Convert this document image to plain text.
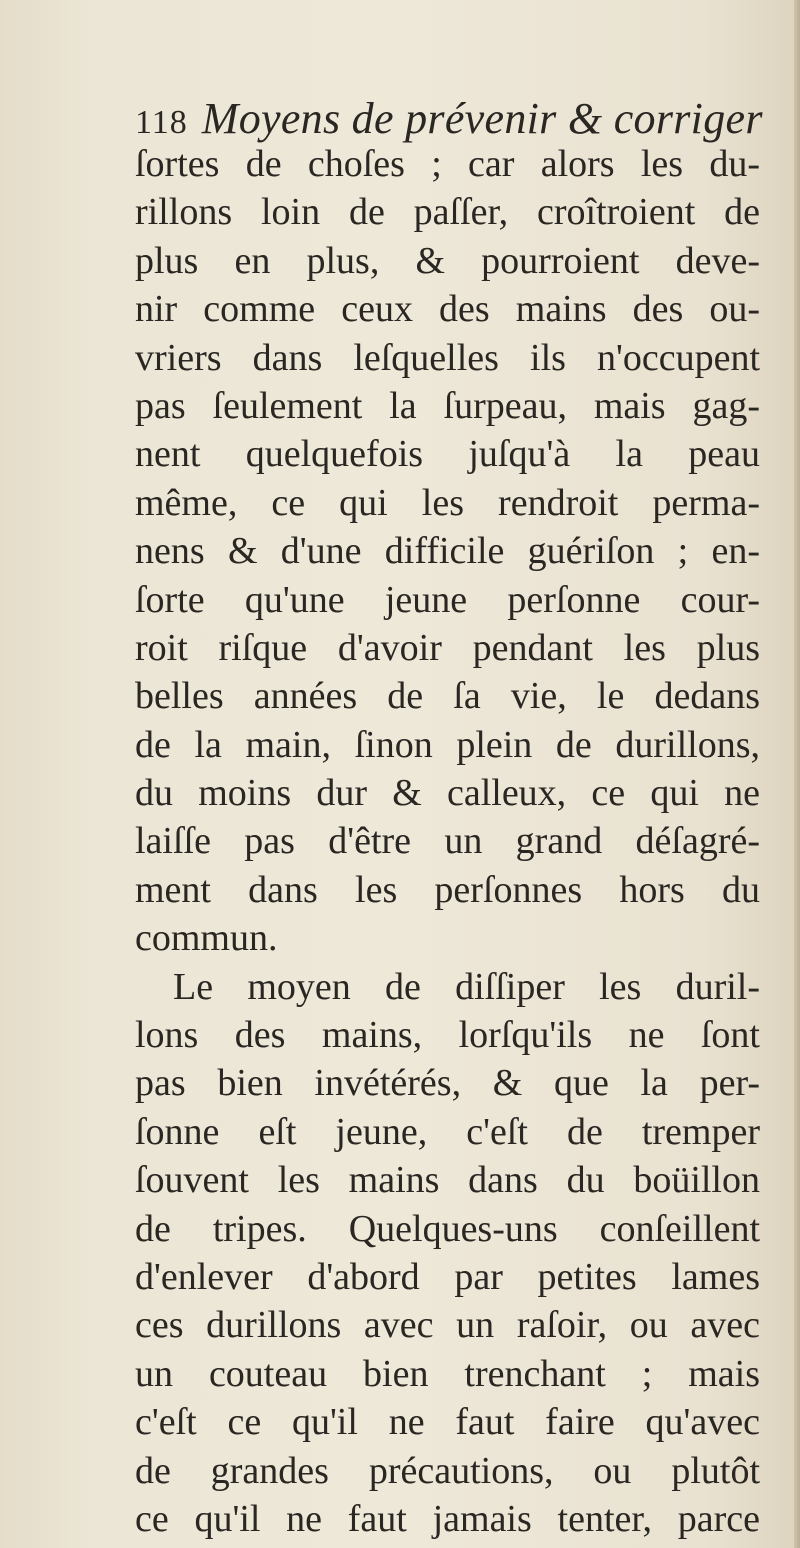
118 Moyens de prévenir & corriger
ſortes de choſes ; car alors les du-
rillons loin de paſſer, croîtroient de
plus en plus, & pourroient deve-
nir comme ceux des mains des ou-
vriers dans leſquelles ils n'occupent
pas ſeulement la ſurpeau, mais gag-
nent quelquefois juſqu'à la peau
même, ce qui les rendroit perma-
nens & d'une difficile guériſon ; en-
ſorte qu'une jeune perſonne cour-
roit riſque d'avoir pendant les plus
belles années de ſa vie, le dedans
de la main, ſinon plein de durillons,
du moins dur & calleux, ce qui ne
laiſſe pas d'être un grand déſagré-
ment dans les perſonnes hors du
commun.
Le moyen de diſſiper les duril-
lons des mains, lorſqu'ils ne ſont
pas bien invétérés, & que la per-
ſonne eſt jeune, c'eſt de tremper
ſouvent les mains dans du boüillon
de tripes. Quelques-uns conſeillent
d'enlever d'abord par petites lames
ces durillons avec un raſoir, ou avec
un couteau bien trenchant ; mais
c'eſt ce qu'il ne faut faire qu'avec
de grandes précautions, ou plutôt
ce qu'il ne faut jamais tenter, parce
